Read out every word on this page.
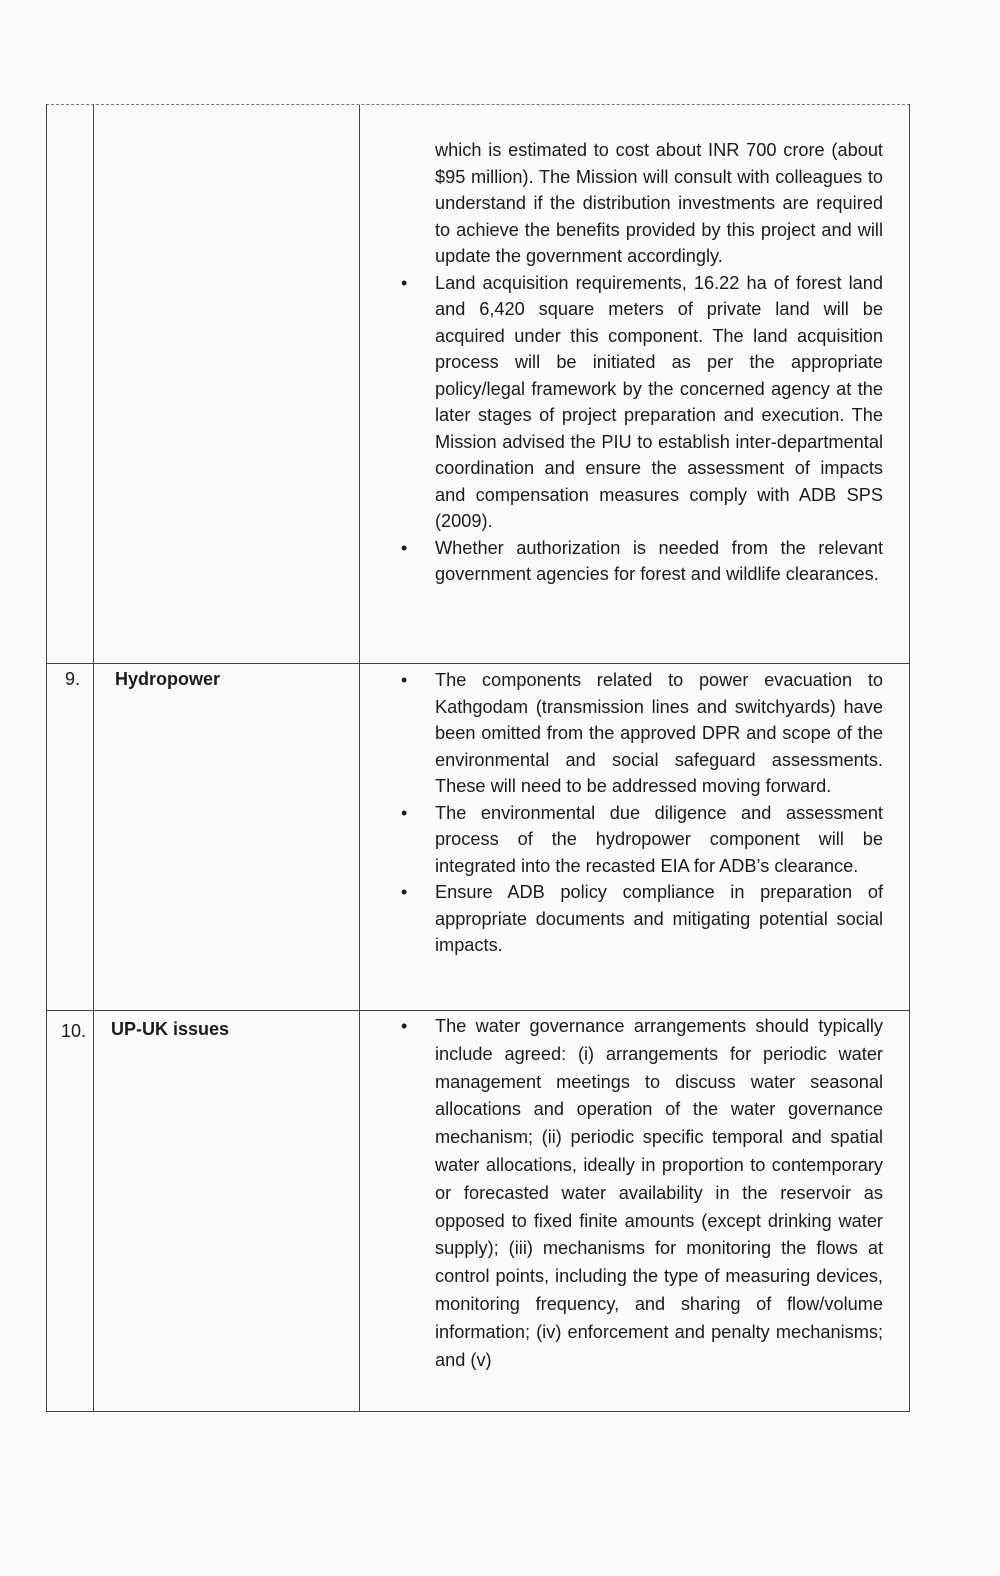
which is estimated to cost about INR 700 crore (about $95 million). The Mission will consult with colleagues to understand if the distribution investments are required to achieve the benefits provided by this project and will update the government accordingly.

• Land acquisition requirements, 16.22 ha of forest land and 6,420 square meters of private land will be acquired under this component. The land acquisition process will be initiated as per the appropriate policy/legal framework by the concerned agency at the later stages of project preparation and execution. The Mission advised the PIU to establish inter-departmental coordination and ensure the assessment of impacts and compensation measures comply with ADB SPS (2009).
• Whether authorization is needed from the relevant government agencies for forest and wildlife clearances.
9. Hydropower	• The components related to power evacuation to Kathgodam (transmission lines and switchyards) have been omitted from the approved DPR and scope of the environmental and social safeguard assessments. These will need to be addressed moving forward.
• The environmental due diligence and assessment process of the hydropower component will be integrated into the recasted EIA for ADB’s clearance.
• Ensure ADB policy compliance in preparation of appropriate documents and mitigating potential social impacts.
10. UP-UK issues	• The water governance arrangements should typically include agreed: (i) arrangements for periodic water management meetings to discuss water seasonal allocations and operation of the water governance mechanism; (ii) periodic specific temporal and spatial water allocations, ideally in proportion to contemporary or forecasted water availability in the reservoir as opposed to fixed finite amounts (except drinking water supply); (iii) mechanisms for monitoring the flows at control points, including the type of measuring devices, monitoring frequency, and sharing of flow/volume information; (iv) enforcement and penalty mechanisms; and (v)
